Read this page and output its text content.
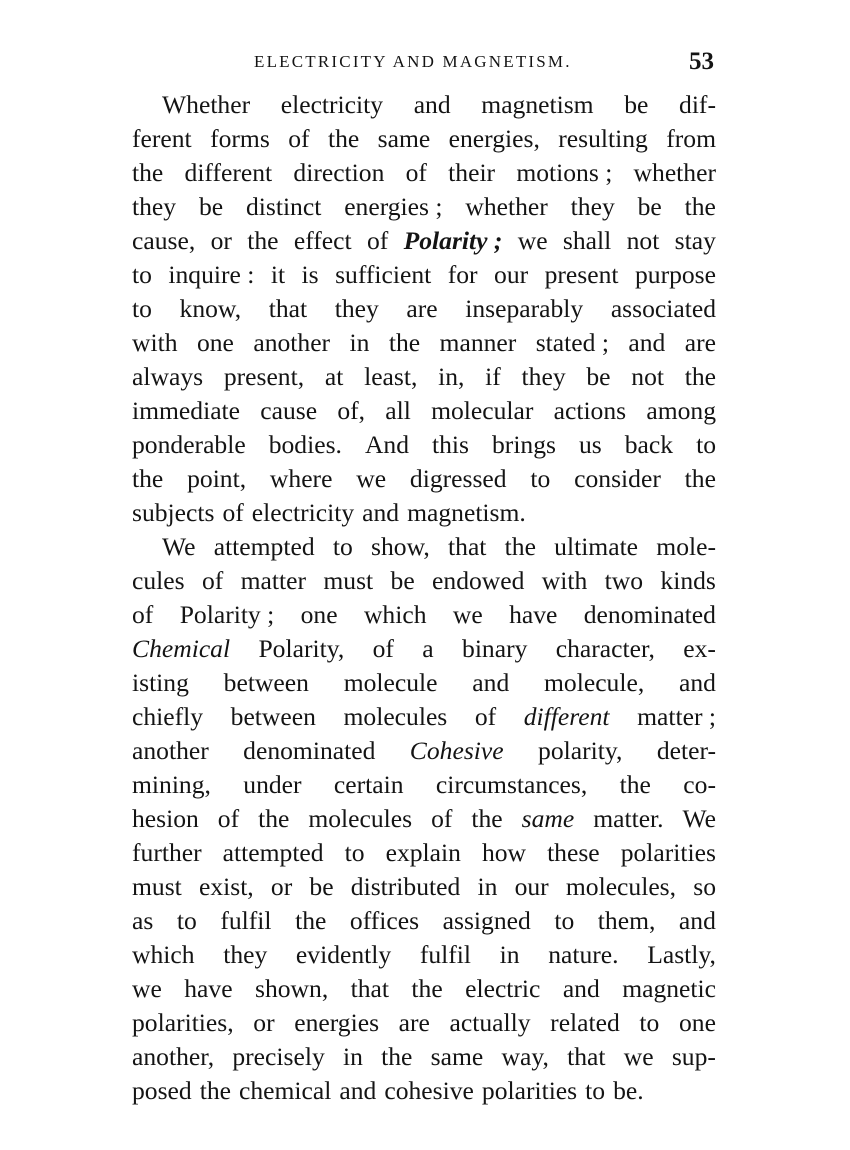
ELECTRICITY AND MAGNETISM.	53
Whether electricity and magnetism be dif-
ferent forms of the same energies, resulting from
the different direction of their motions ; whether
they be distinct energies ; whether they be the
cause, or the effect of Polarity ; we shall not stay
to inquire : it is sufficient for our present purpose
to know, that they are inseparably associated
with one another in the manner stated ; and are
always present, at least, in, if they be not the
immediate cause of, all molecular actions among
ponderable bodies. And this brings us back to
the point, where we digressed to consider the
subjects of electricity and magnetism.
We attempted to show, that the ultimate mole-
cules of matter must be endowed with two kinds
of Polarity ; one which we have denominated
Chemical Polarity, of a binary character, ex-
isting between molecule and molecule, and
chiefly between molecules of different matter ;
another denominated Cohesive polarity, deter-
mining, under certain circumstances, the co-
hesion of the molecules of the same matter. We
further attempted to explain how these polarities
must exist, or be distributed in our molecules, so
as to fulfil the offices assigned to them, and
which they evidently fulfil in nature. Lastly,
we have shown, that the electric and magnetic
polarities, or energies are actually related to one
another, precisely in the same way, that we sup-
posed the chemical and cohesive polarities to be.
